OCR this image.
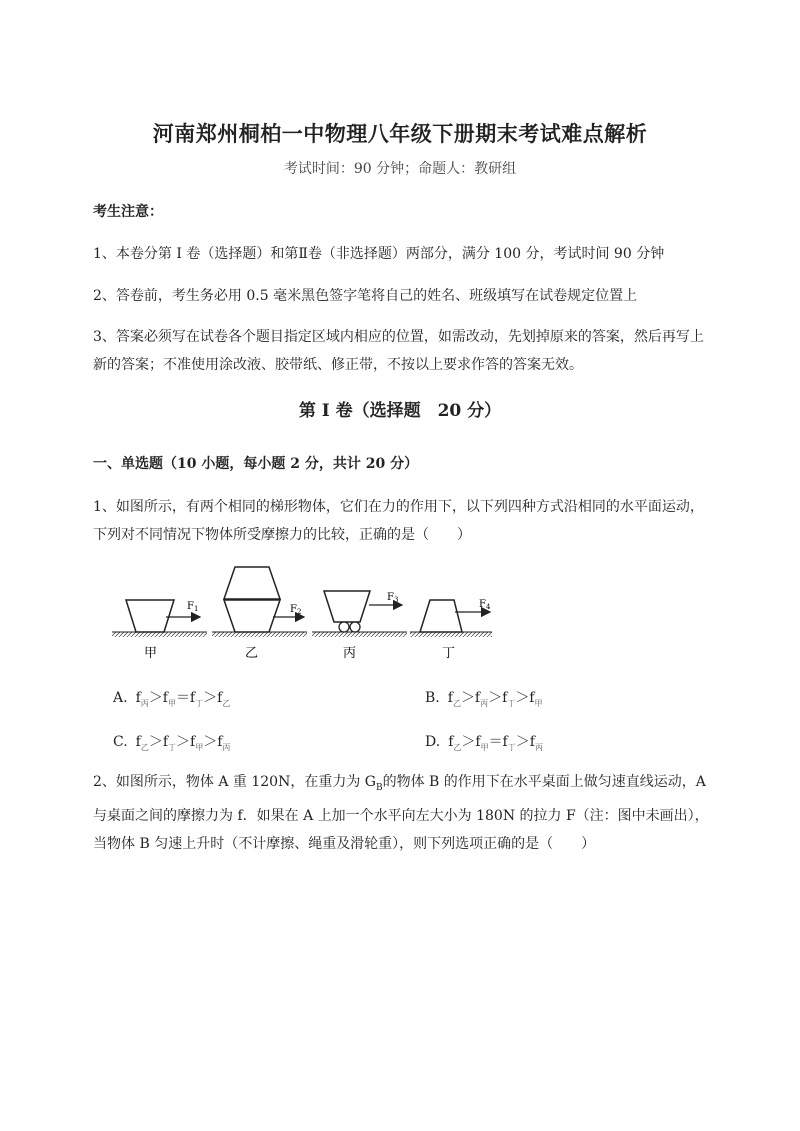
河南郑州桐柏一中物理八年级下册期末考试难点解析
考试时间：90 分钟；命题人：教研组
考生注意：
1、本卷分第 I 卷（选择题）和第Ⅱ卷（非选择题）两部分，满分 100 分，考试时间 90 分钟
2、答卷前，考生务必用 0.5 毫米黑色签字笔将自己的姓名、班级填写在试卷规定位置上
3、答案必须写在试卷各个题目指定区域内相应的位置，如需改动，先划掉原来的答案，然后再写上新的答案；不准使用涂改液、胶带纸、修正带，不按以上要求作答的答案无效。
第 I 卷（选择题　20 分）
一、单选题（10 小题，每小题 2 分，共计 20 分）
1、如图所示，有两个相同的梯形物体，它们在力的作用下，以下列四种方式沿相同的水平面运动，下列对不同情况下物体所受摩擦力的比较，正确的是（　　）
$F_1$
甲
$F_2$
乙
$F_3$
丙
$F_4$
丁
A. $f_丙>f_甲=f_丁>f_乙$	B. $f_乙>f_丙>f_丁>f_甲$
C. $f_乙>f_丁>f_甲>f_丙$	D. $f_乙>f_甲=f_丁>f_丙$
2、如图所示，物体 A 重 120N，在重力为 $G_B$的物体 B 的作用下在水平桌面上做匀速直线运动，A 与桌面之间的摩擦力为 f．如果在 A 上加一个水平向左大小为 180N 的拉力 F（注：图中未画出），当物体 B 匀速上升时（不计摩擦、绳重及滑轮重），则下列选项正确的是（　　）
